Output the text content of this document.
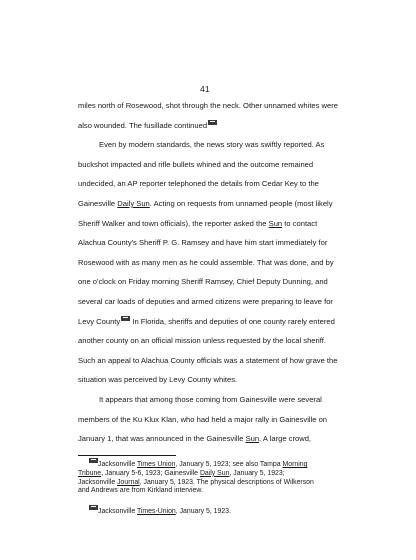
41
miles north of Rosewood, shot through the neck. Other unnamed whites were
also wounded. The fusillade continued
Even by modern standards, the news story was swiftly reported. As
buckshot impacted and rifle bullets whined and the outcome remained
undecided, an AP reporter telephoned the details from Cedar Key to the
Gainesville Daily Sun. Acting on requests from unnamed people (most likely
Sheriff Walker and town officials), the reporter asked the Sun to contact
Alachua County's Sheriff P. G. Ramsey and have him start immediately for
Rosewood with as many men as he could assemble. That was done, and by
one o'clock on Friday morning Sheriff Ramsey, Chief Deputy Dunning, and
several car loads of deputies and armed citizens were preparing to leave for
Levy County In Florida, sheriffs and deputies of one county rarely entered
another county on an official mission unless requested by the local sheriff.
Such an appeal to Alachua County officials was a statement of how grave the
situation was perceived by Levy County whites.
It appears that among those coming from Gainesville were several
members of the Ku Klux Klan, who had held a major rally in Gainesville on
January 1, that was announced in the Gainesville Sun. A large crowd,
Jacksonville Times Union, January 5, 1923; see also Tampa Morning
Tribune, January 5-6, 1923; Gainesville Daily Sun, January 5, 1923;
Jacksonville Journal, January 5, 1923. The physical descriptions of Wilkerson
and Andrews are from Kirkland interview.
Jacksonville Times-Union, January 5, 1923.
